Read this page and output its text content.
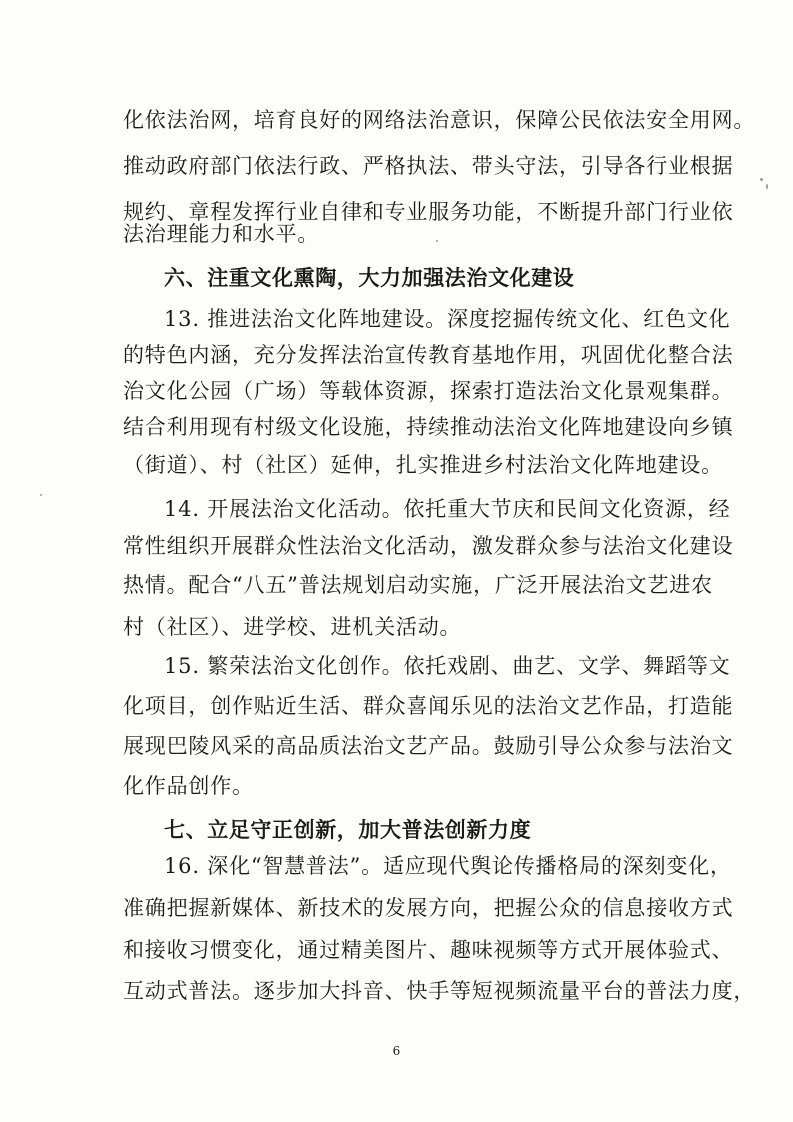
化依法治网，培育良好的网络法治意识，保障公民依法安全用网。
推动政府部门依法行政、严格执法、带头守法，引导各行业根据
规约、章程发挥行业自律和专业服务功能，不断提升部门行业依
法治理能力和水平。
六、注重文化熏陶，大力加强法治文化建设
13. 推进法治文化阵地建设。深度挖掘传统文化、红色文化
的特色内涵，充分发挥法治宣传教育基地作用，巩固优化整合法
治文化公园（广场）等载体资源，探索打造法治文化景观集群。
结合利用现有村级文化设施，持续推动法治文化阵地建设向乡镇
（街道）、村（社区）延伸，扎实推进乡村法治文化阵地建设。
14. 开展法治文化活动。依托重大节庆和民间文化资源，经
常性组织开展群众性法治文化活动，激发群众参与法治文化建设
热情。配合“八五”普法规划启动实施，广泛开展法治文艺进农
村（社区）、进学校、进机关活动。
15. 繁荣法治文化创作。依托戏剧、曲艺、文学、舞蹈等文
化项目，创作贴近生活、群众喜闻乐见的法治文艺作品，打造能
展现巴陵风采的高品质法治文艺产品。鼓励引导公众参与法治文
化作品创作。
七、立足守正创新，加大普法创新力度
16. 深化“智慧普法”。适应现代舆论传播格局的深刻变化，
准确把握新媒体、新技术的发展方向，把握公众的信息接收方式
和接收习惯变化，通过精美图片、趣味视频等方式开展体验式、
互动式普法。逐步加大抖音、快手等短视频流量平台的普法力度，
6
